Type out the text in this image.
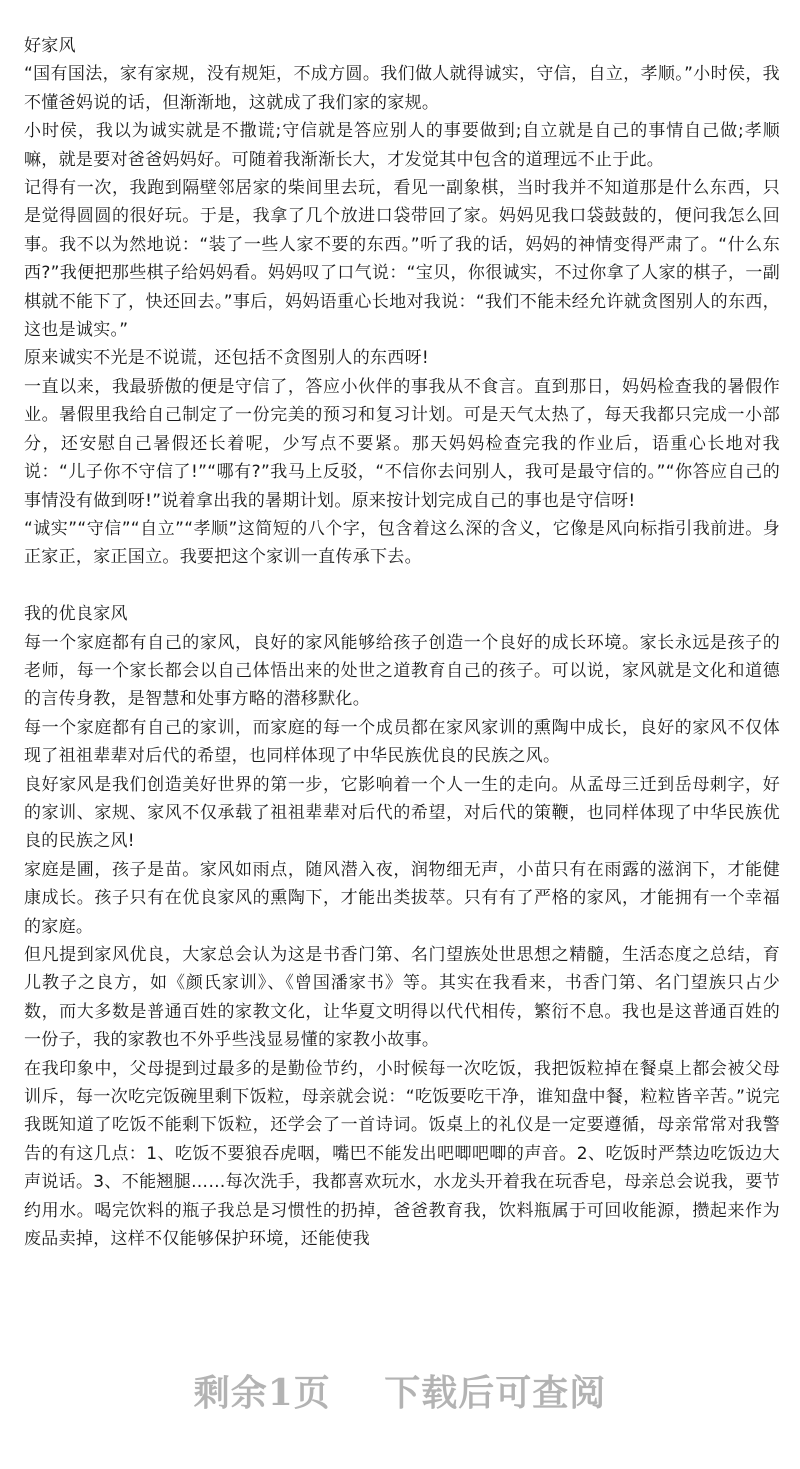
好家风

“国有国法，家有家规，没有规矩，不成方圆。我们做人就得诚实，守信，自立，孝顺。”小时侯，我不懂爸妈说的话，但渐渐地，这就成了我们家的家规。

小时侯，我以为诚实就是不撒谎;守信就是答应别人的事要做到;自立就是自己的事情自己做;孝顺嘛，就是要对爸爸妈妈好。可随着我渐渐长大，才发觉其中包含的道理远不止于此。

记得有一次，我跑到隔壁邻居家的柴间里去玩，看见一副象棋，当时我并不知道那是什么东西，只是觉得圆圆的很好玩。于是，我拿了几个放进口袋带回了家。妈妈见我口袋鼓鼓的，便问我怎么回事。我不以为然地说：“装了一些人家不要的东西。”听了我的话，妈妈的神情变得严肃了。“什么东西?”我便把那些棋子给妈妈看。妈妈叹了口气说：“宝贝，你很诚实，不过你拿了人家的棋子，一副棋就不能下了，快还回去。”事后，妈妈语重心长地对我说：“我们不能未经允许就贪图别人的东西，这也是诚实。”

原来诚实不光是不说谎，还包括不贪图别人的东西呀!

一直以来，我最骄傲的便是守信了，答应小伙伴的事我从不食言。直到那日，妈妈检查我的暑假作业。暑假里我给自己制定了一份完美的预习和复习计划。可是天气太热了，每天我都只完成一小部分，还安慰自己暑假还长着呢，少写点不要紧。那天妈妈检查完我的作业后，语重心长地对我说：“儿子你不守信了!”“哪有?”我马上反驳，“不信你去问别人，我可是最守信的。”“你答应自己的事情没有做到呀!”说着拿出我的暑期计划。原来按计划完成自己的事也是守信呀!

“诚实”“守信”“自立”“孝顺”这简短的八个字，包含着这么深的含义，它像是风向标指引我前进。身正家正，家正国立。我要把这个家训一直传承下去。

我的优良家风

每一个家庭都有自己的家风，良好的家风能够给孩子创造一个良好的成长环境。家长永远是孩子的老师，每一个家长都会以自己体悟出来的处世之道教育自己的孩子。可以说，家风就是文化和道德的言传身教，是智慧和处事方略的潜移默化。

每一个家庭都有自己的家训，而家庭的每一个成员都在家风家训的熏陶中成长，良好的家风不仅体现了祖祖辈辈对后代的希望，也同样体现了中华民族优良的民族之风。

良好家风是我们创造美好世界的第一步，它影响着一个人一生的走向。从孟母三迁到岳母刺字，好的家训、家规、家风不仅承载了祖祖辈辈对后代的希望，对后代的策鞭，也同样体现了中华民族优良的民族之风!

家庭是圃，孩子是苗。家风如雨点，随风潜入夜，润物细无声，小苗只有在雨露的滋润下，才能健康成长。孩子只有在优良家风的熏陶下，才能出类拔萃。只有有了严格的家风，才能拥有一个幸福的家庭。

但凡提到家风优良，大家总会认为这是书香门第、名门望族处世思想之精髓，生活态度之总结，育儿教子之良方，如《颜氏家训》、《曾国潘家书》等。其实在我看来，书香门第、名门望族只占少数，而大多数是普通百姓的家教文化，让华夏文明得以代代相传，繁衍不息。我也是这普通百姓的一份子，我的家教也不外乎些浅显易懂的家教小故事。

在我印象中，父母提到过最多的是勤俭节约，小时候每一次吃饭，我把饭粒掉在餐桌上都会被父母训斥，每一次吃完饭碗里剩下饭粒，母亲就会说：“吃饭要吃干净，谁知盘中餐，粒粒皆辛苦。”说完我既知道了吃饭不能剩下饭粒，还学会了一首诗词。饭桌上的礼仪是一定要遵循，母亲常常对我警告的有这几点：1、吃饭不要狼吞虎咽，嘴巴不能发出吧唧吧唧的声音。2、吃饭时严禁边吃饭边大声说话。3、不能翘腿……每次洗手，我都喜欢玩水，水龙头开着我在玩香皂，母亲总会说我，要节约用水。喝完饮料的瓶子我总是习惯性的扔掉，爸爸教育我，饮料瓶属于可回收能源，攒起来作为废品卖掉，这样不仅能够保护环境，还能使我

剩余1页 下载后可查阅
